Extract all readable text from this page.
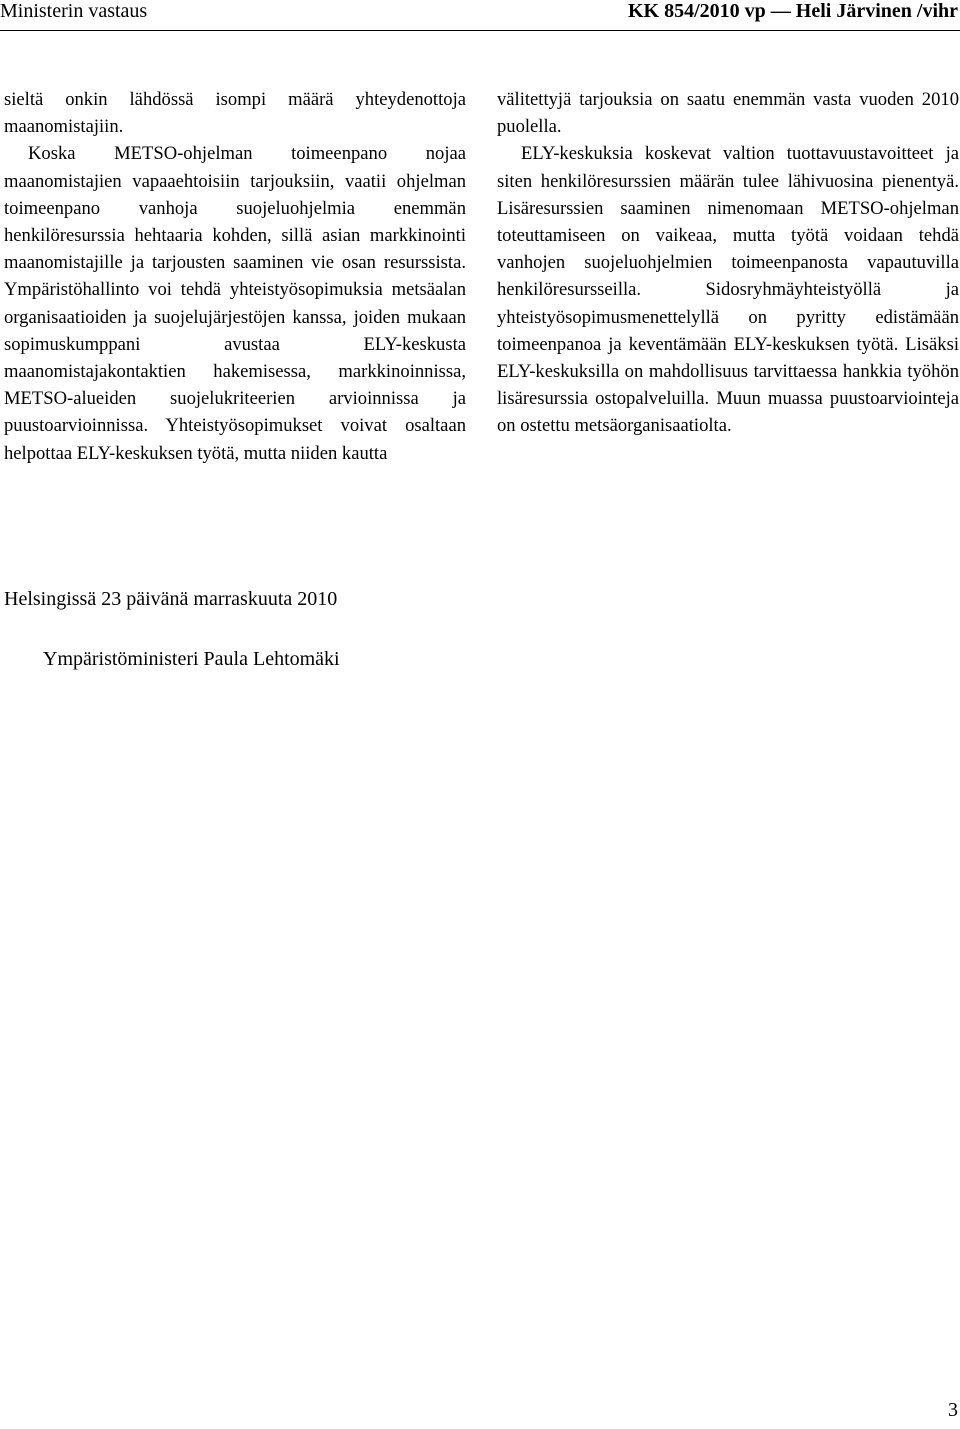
Ministerin vastaus	KK 854/2010 vp — Heli Järvinen /vihr

sieltä onkin lähdössä isompi määrä yhteydenottoja maanomistajiin.

Koska METSO-ohjelman toimeenpano nojaa maanomistajien vapaaehtoisiin tarjouksiin, vaatii ohjelman toimeenpano vanhoja suojeluohjelmia enemmän henkilöresurssia hehtaaria kohden, sillä asian markkinointi maanomistajille ja tarjousten saaminen vie osan resurssista. Ympäristöhallinto voi tehdä yhteistyösopimuksia metsäalan organisaatioiden ja suojelujärjestöjen kanssa, joiden mukaan sopimuskumppani avustaa ELY-keskusta maanomistajakontaktien hakemisessa, markkinoinnissa, METSO-alueiden suojelukriteerien arvioinnissa ja puustoarvioinnissa. Yhteistyösopimukset voivat osaltaan helpottaa ELY-keskuksen työtä, mutta niiden kautta

välitettyjä tarjouksia on saatu enemmän vasta vuoden 2010 puolella.

ELY-keskuksia koskevat valtion tuottavuustavoitteet ja siten henkilöresurssien määrän tulee lähivuosina pienentyä. Lisäresurssien saaminen nimenomaan METSO-ohjelman toteuttamiseen on vaikeaa, mutta työtä voidaan tehdä vanhojen suojeluohjelmien toimeenpanosta vapautuvilla henkilöresursseilla. Sidosryhmäyhteistyöllä ja yhteistyösopimusmenettelyllä on pyritty edistämään toimeenpanoa ja keventämään ELY-keskuksen työtä. Lisäksi ELY-keskuksilla on mahdollisuus tarvittaessa hankkia työhön lisäresurssia ostopalveluilla. Muun muassa puustoarviointeja on ostettu metsäorganisaatiolta.

Helsingissä 23 päivänä marraskuuta 2010
Ympäristöministeri Paula Lehtomäki
3
